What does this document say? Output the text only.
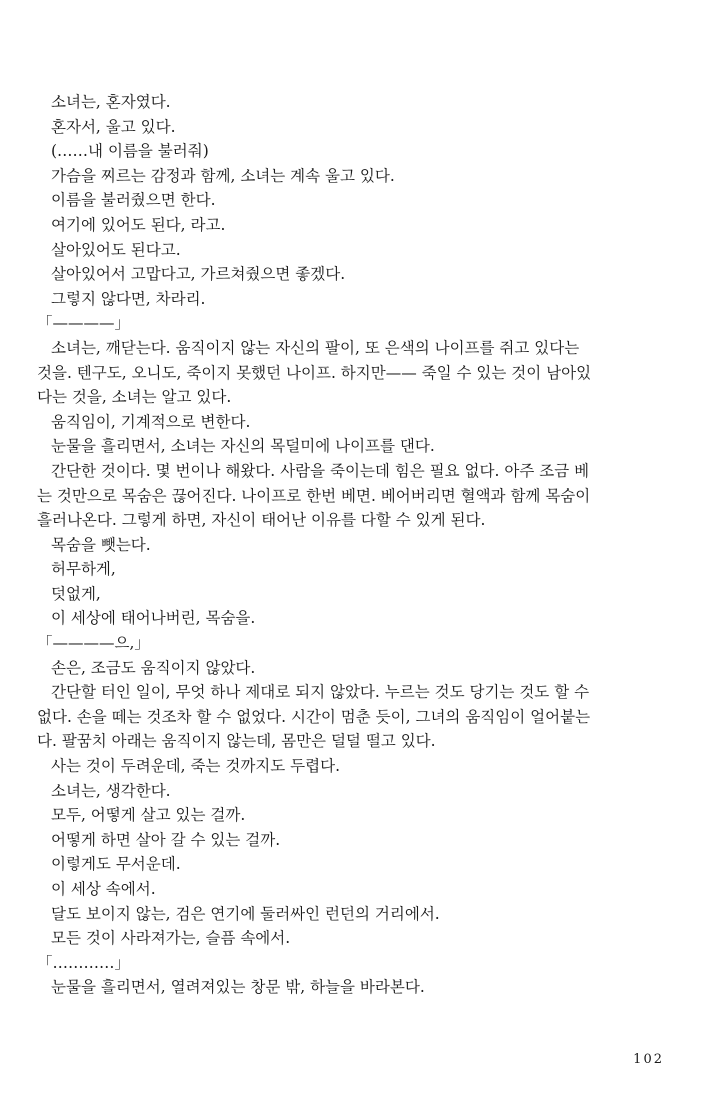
소녀는, 혼자였다.
혼자서, 울고 있다.
(……내 이름을 불러줘)
가슴을 찌르는 감정과 함께, 소녀는 계속 울고 있다.
이름을 불러줬으면 한다.
여기에 있어도 된다, 라고.
살아있어도 된다고.
살아있어서 고맙다고, 가르쳐줬으면 좋겠다.
그렇지 않다면, 차라리.
「————」
소녀는, 깨닫는다. 움직이지 않는 자신의 팔이, 또 은색의 나이프를 쥐고 있다는
것을. 텐구도, 오니도, 죽이지 못했던 나이프. 하지만—— 죽일 수 있는 것이 남아있
다는 것을, 소녀는 알고 있다.
움직임이, 기계적으로 변한다.
눈물을 흘리면서, 소녀는 자신의 목덜미에 나이프를 댄다.
간단한 것이다. 몇 번이나 해왔다. 사람을 죽이는데 힘은 필요 없다. 아주 조금 베
는 것만으로 목숨은 끊어진다. 나이프로 한번 베면. 베어버리면 혈액과 함께 목숨이
흘러나온다. 그렇게 하면, 자신이 태어난 이유를 다할 수 있게 된다.
목숨을 뺏는다.
허무하게,
덧없게,
이 세상에 태어나버린, 목숨을.
「————으,」
손은, 조금도 움직이지 않았다.
간단할 터인 일이, 무엇 하나 제대로 되지 않았다. 누르는 것도 당기는 것도 할 수
없다. 손을 떼는 것조차 할 수 없었다. 시간이 멈춘 듯이, 그녀의 움직임이 얼어붙는
다. 팔꿈치 아래는 움직이지 않는데, 몸만은 덜덜 떨고 있다.
사는 것이 두려운데, 죽는 것까지도 두렵다.
소녀는, 생각한다.
모두, 어떻게 살고 있는 걸까.
어떻게 하면 살아 갈 수 있는 걸까.
이렇게도 무서운데.
이 세상 속에서.
달도 보이지 않는, 검은 연기에 둘러싸인 런던의 거리에서.
모든 것이 사라져가는, 슬픔 속에서.
「…………」
눈물을 흘리면서, 열려져있는 창문 밖, 하늘을 바라본다.
102
